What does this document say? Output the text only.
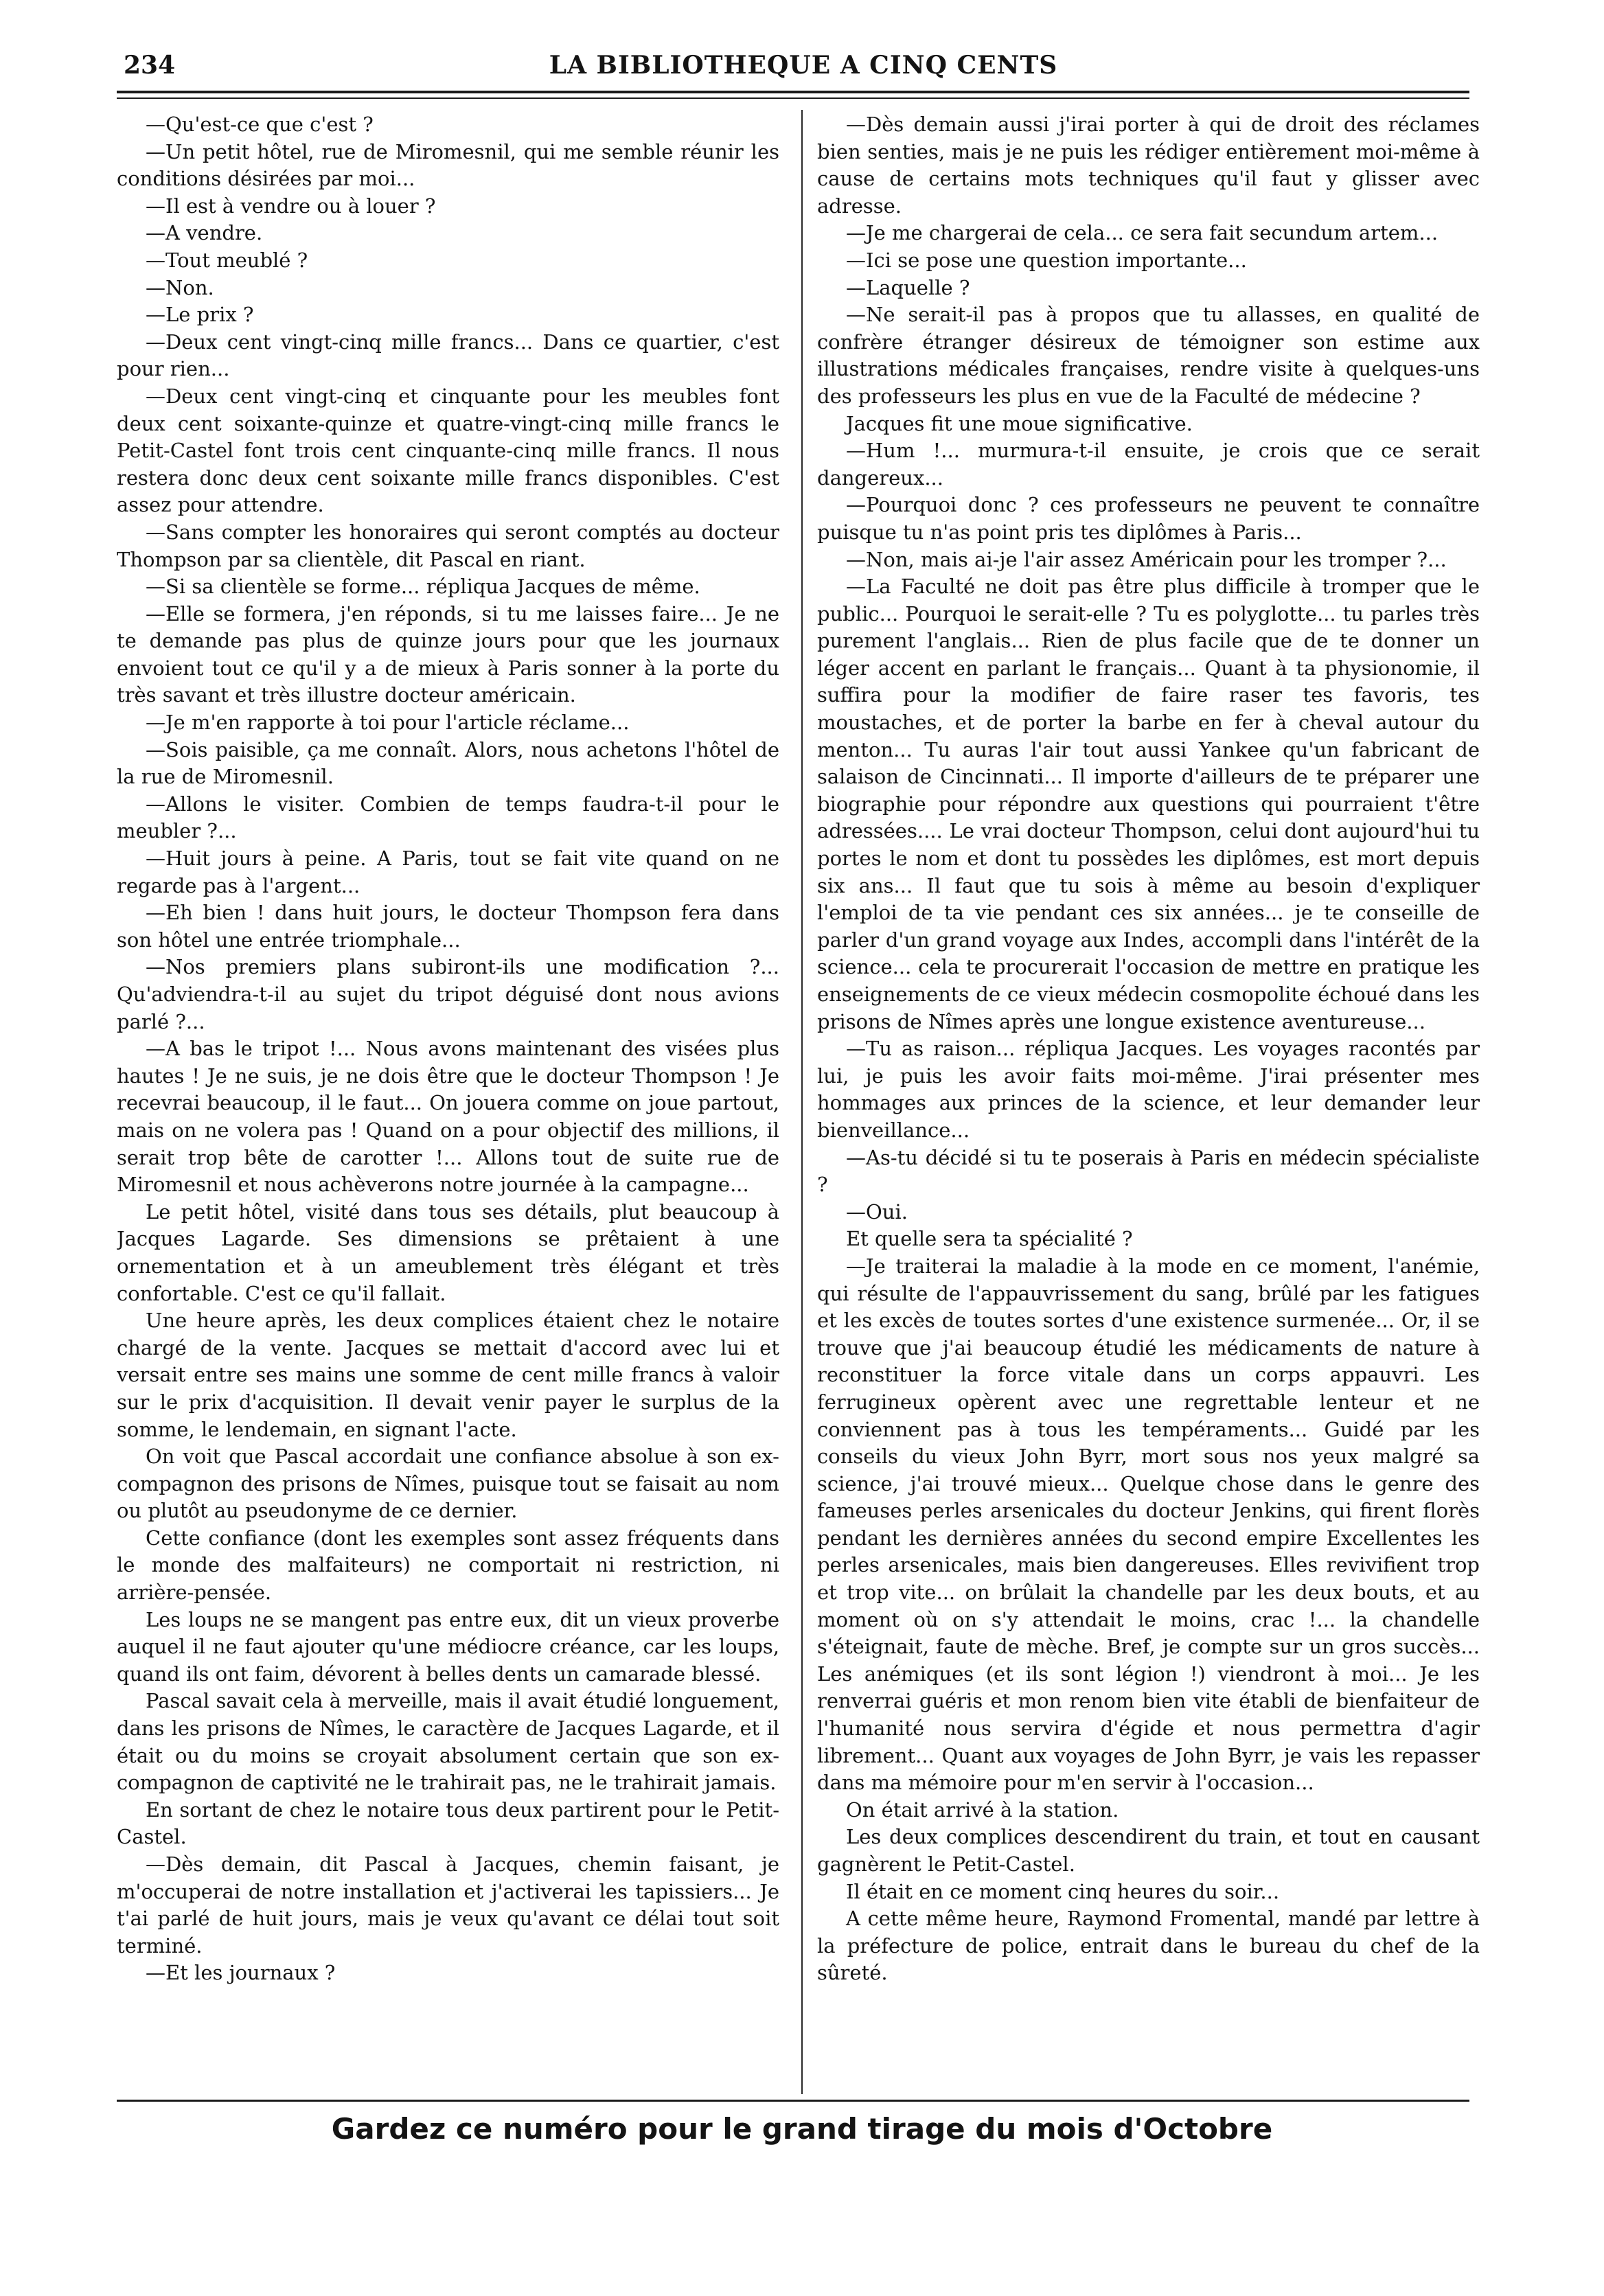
234	LA BIBLIOTHEQUE A CINQ CENTS

—Qu'est-ce que c'est ?

—Un petit hôtel, rue de Miromesnil, qui me semble réunir les conditions désirées par moi...

—Il est à vendre ou à louer ?

—A vendre.

—Tout meublé ?

—Non.

—Le prix ?

—Deux cent vingt-cinq mille francs... Dans ce quartier, c'est pour rien...

—Deux cent vingt-cinq et cinquante pour les meubles font deux cent soixante-quinze et quatre-vingt-cinq mille francs le Petit-Castel font trois cent cinquante-cinq mille francs. Il nous restera donc deux cent soixante mille francs disponibles. C'est assez pour attendre.

—Sans compter les honoraires qui seront comptés au docteur Thompson par sa clientèle, dit Pascal en riant.

—Si sa clientèle se forme... répliqua Jacques de même.

—Elle se formera, j'en réponds, si tu me laisses faire... Je ne te demande pas plus de quinze jours pour que les journaux envoient tout ce qu'il y a de mieux à Paris sonner à la porte du très savant et très illustre docteur américain.

—Je m'en rapporte à toi pour l'article réclame...

—Sois paisible, ça me connaît. Alors, nous achetons l'hôtel de la rue de Miromesnil.

—Allons le visiter. Combien de temps faudra-t-il pour le meubler ?...

—Huit jours à peine. A Paris, tout se fait vite quand on ne regarde pas à l'argent...

—Eh bien ! dans huit jours, le docteur Thompson fera dans son hôtel une entrée triomphale...

—Nos premiers plans subiront-ils une modification ?... Qu'adviendra-t-il au sujet du tripot déguisé dont nous avions parlé ?...

—A bas le tripot !... Nous avons maintenant des visées plus hautes ! Je ne suis, je ne dois être que le docteur Thompson ! Je recevrai beaucoup, il le faut... On jouera comme on joue partout, mais on ne volera pas ! Quand on a pour objectif des millions, il serait trop bête de carotter !... Allons tout de suite rue de Miromesnil et nous achèverons notre journée à la campagne...

Le petit hôtel, visité dans tous ses détails, plut beaucoup à Jacques Lagarde. Ses dimensions se prêtaient à une ornementation et à un ameublement très élégant et très confortable. C'est ce qu'il fallait.

Une heure après, les deux complices étaient chez le notaire chargé de la vente. Jacques se mettait d'accord avec lui et versait entre ses mains une somme de cent mille francs à valoir sur le prix d'acquisition. Il devait venir payer le surplus de la somme, le lendemain, en signant l'acte.

On voit que Pascal accordait une confiance absolue à son ex-compagnon des prisons de Nîmes, puisque tout se faisait au nom ou plutôt au pseudonyme de ce dernier.

Cette confiance (dont les exemples sont assez fréquents dans le monde des malfaiteurs) ne comportait ni restriction, ni arrière-pensée.

Les loups ne se mangent pas entre eux, dit un vieux proverbe auquel il ne faut ajouter qu'une médiocre créance, car les loups, quand ils ont faim, dévorent à belles dents un camarade blessé.

Pascal savait cela à merveille, mais il avait étudié longuement, dans les prisons de Nîmes, le caractère de Jacques Lagarde, et il était ou du moins se croyait absolument certain que son ex-compagnon de captivité ne le trahirait pas, ne le trahirait jamais.

En sortant de chez le notaire tous deux partirent pour le Petit-Castel.

—Dès demain, dit Pascal à Jacques, chemin faisant, je m'occuperai de notre installation et j'activerai les tapissiers... Je t'ai parlé de huit jours, mais je veux qu'avant ce délai tout soit terminé.

—Et les journaux ?

—Dès demain aussi j'irai porter à qui de droit des réclames bien senties, mais je ne puis les rédiger entièrement moi-même à cause de certains mots techniques qu'il faut y glisser avec adresse.

—Je me chargerai de cela... ce sera fait secundum artem...

—Ici se pose une question importante...

—Laquelle ?

—Ne serait-il pas à propos que tu allasses, en qualité de confrère étranger désireux de témoigner son estime aux illustrations médicales françaises, rendre visite à quelques-uns des professeurs les plus en vue de la Faculté de médecine ?

Jacques fit une moue significative.

—Hum !... murmura-t-il ensuite, je crois que ce serait dangereux...

—Pourquoi donc ? ces professeurs ne peuvent te connaître puisque tu n'as point pris tes diplômes à Paris...

—Non, mais ai-je l'air assez Américain pour les tromper ?...

—La Faculté ne doit pas être plus difficile à tromper que le public... Pourquoi le serait-elle ? Tu es polyglotte... tu parles très purement l'anglais... Rien de plus facile que de te donner un léger accent en parlant le français... Quant à ta physionomie, il suffira pour la modifier de faire raser tes favoris, tes moustaches, et de porter la barbe en fer à cheval autour du menton... Tu auras l'air tout aussi Yankee qu'un fabricant de salaison de Cincinnati... Il importe d'ailleurs de te préparer une biographie pour répondre aux questions qui pourraient t'être adressées.... Le vrai docteur Thompson, celui dont aujourd'hui tu portes le nom et dont tu possèdes les diplômes, est mort depuis six ans... Il faut que tu sois à même au besoin d'expliquer l'emploi de ta vie pendant ces six années... je te conseille de parler d'un grand voyage aux Indes, accompli dans l'intérêt de la science... cela te procurerait l'occasion de mettre en pratique les enseignements de ce vieux médecin cosmopolite échoué dans les prisons de Nîmes après une longue existence aventureuse...

—Tu as raison... répliqua Jacques. Les voyages racontés par lui, je puis les avoir faits moi-même. J'irai présenter mes hommages aux princes de la science, et leur demander leur bienveillance...

—As-tu décidé si tu te poserais à Paris en médecin spécialiste ?

—Oui.

Et quelle sera ta spécialité ?

—Je traiterai la maladie à la mode en ce moment, l'anémie, qui résulte de l'appauvrissement du sang, brûlé par les fatigues et les excès de toutes sortes d'une existence surmenée... Or, il se trouve que j'ai beaucoup étudié les médicaments de nature à reconstituer la force vitale dans un corps appauvri. Les ferrugineux opèrent avec une regrettable lenteur et ne conviennent pas à tous les tempéraments... Guidé par les conseils du vieux John Byrr, mort sous nos yeux malgré sa science, j'ai trouvé mieux... Quelque chose dans le genre des fameuses perles arsenicales du docteur Jenkins, qui firent florès pendant les dernières années du second empire Excellentes les perles arsenicales, mais bien dangereuses. Elles revivifient trop et trop vite... on brûlait la chandelle par les deux bouts, et au moment où on s'y attendait le moins, crac !... la chandelle s'éteignait, faute de mèche. Bref, je compte sur un gros succès... Les anémiques (et ils sont légion !) viendront à moi... Je les renverrai guéris et mon renom bien vite établi de bienfaiteur de l'humanité nous servira d'égide et nous permettra d'agir librement... Quant aux voyages de John Byrr, je vais les repasser dans ma mémoire pour m'en servir à l'occasion...

On était arrivé à la station.

Les deux complices descendirent du train, et tout en causant gagnèrent le Petit-Castel.

Il était en ce moment cinq heures du soir...

A cette même heure, Raymond Fromental, mandé par lettre à la préfecture de police, entrait dans le bureau du chef de la sûreté.

Gardez ce numéro pour le grand tirage du mois d'Octobre
